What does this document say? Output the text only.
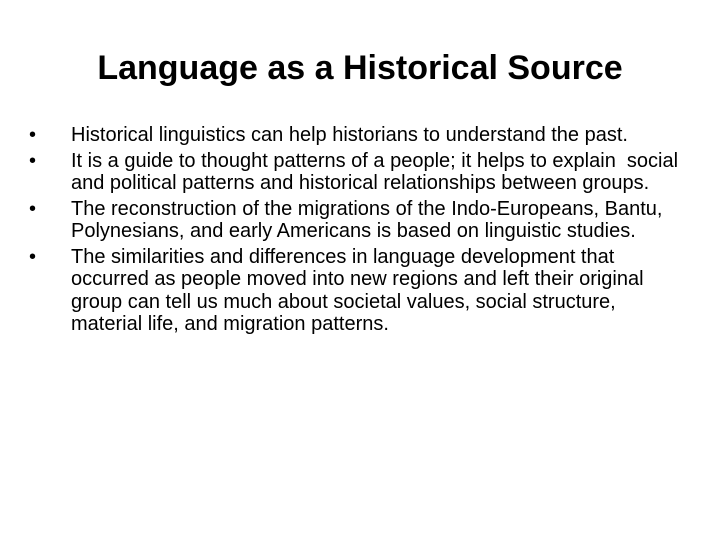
Language as a Historical Source
• Historical linguistics can help historians to understand the past.
• It is a guide to thought patterns of a people; it helps to explain  social and political patterns and historical relationships between groups.
• The reconstruction of the migrations of the Indo-Europeans, Bantu, Polynesians, and early Americans is based on linguistic studies.
• The similarities and differences in language development that occurred as people moved into new regions and left their original group can tell us much about societal values, social structure, material life, and migration patterns.
